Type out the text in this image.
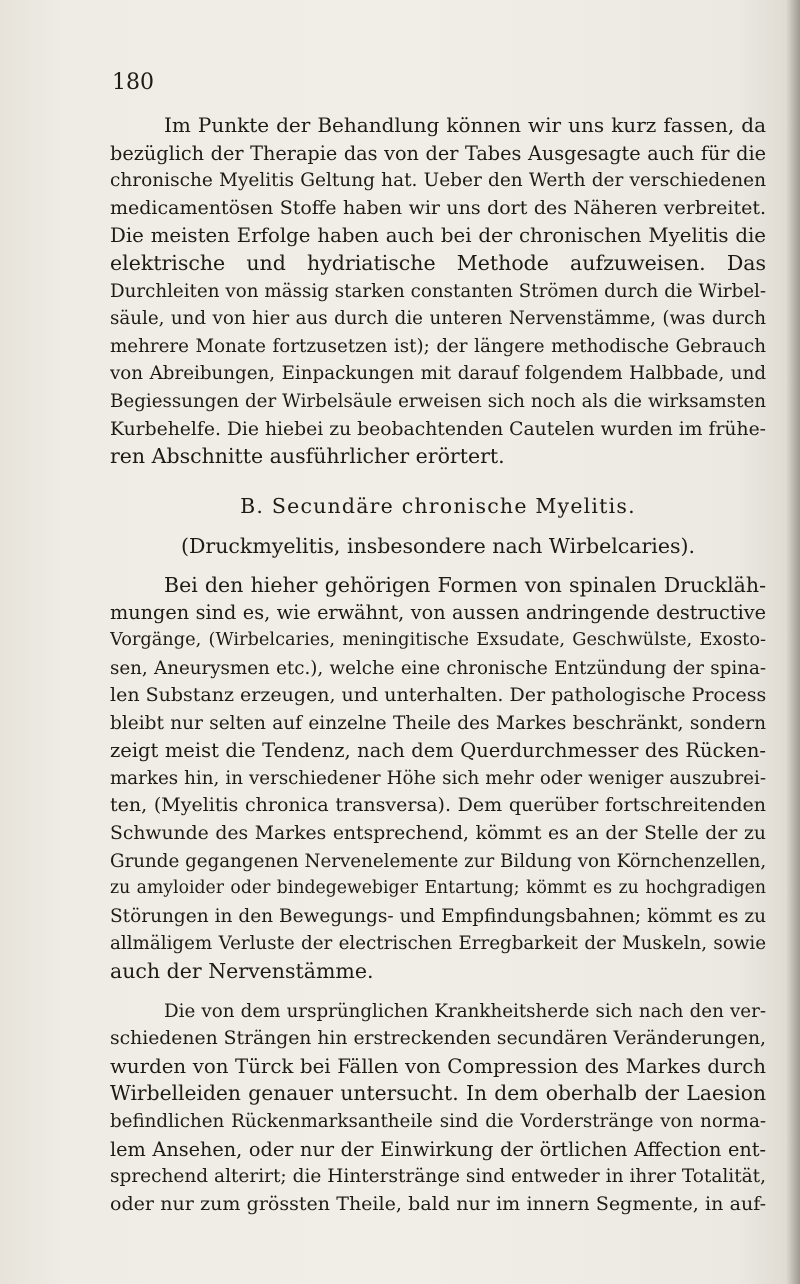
180
Im Punkte der Behandlung können wir uns kurz fassen, da
bezüglich der Therapie das von der Tabes Ausgesagte auch für die
chronische Myelitis Geltung hat. Ueber den Werth der verschiedenen
medicamentösen Stoffe haben wir uns dort des Näheren verbreitet.
Die meisten Erfolge haben auch bei der chronischen Myelitis die
elektrische und hydriatische Methode aufzuweisen. Das
Durchleiten von mässig starken constanten Strömen durch die Wirbel-
säule, und von hier aus durch die unteren Nervenstämme, (was durch
mehrere Monate fortzusetzen ist); der längere methodische Gebrauch
von Abreibungen, Einpackungen mit darauf folgendem Halbbade, und
Begiessungen der Wirbelsäule erweisen sich noch als die wirksamsten
Kurbehelfe. Die hiebei zu beobachtenden Cautelen wurden im frühe-
ren Abschnitte ausführlicher erörtert.
B. Secundäre chronische Myelitis.
(Druckmyelitis, insbesondere nach Wirbelcaries).
Bei den hieher gehörigen Formen von spinalen Druckläh-
mungen sind es, wie erwähnt, von aussen andringende destructive
Vorgänge, (Wirbelcaries, meningitische Exsudate, Geschwülste, Exosto-
sen, Aneurysmen etc.), welche eine chronische Entzündung der spina-
len Substanz erzeugen, und unterhalten. Der pathologische Process
bleibt nur selten auf einzelne Theile des Markes beschränkt, sondern
zeigt meist die Tendenz, nach dem Querdurchmesser des Rücken-
markes hin, in verschiedener Höhe sich mehr oder weniger auszubrei-
ten, (Myelitis chronica transversa). Dem querüber fortschreitenden
Schwunde des Markes entsprechend, kömmt es an der Stelle der zu
Grunde gegangenen Nervenelemente zur Bildung von Körnchenzellen,
zu amyloider oder bindegewebiger Entartung; kömmt es zu hochgradigen
Störungen in den Bewegungs- und Empfindungsbahnen; kömmt es zu
allmäligem Verluste der electrischen Erregbarkeit der Muskeln, sowie
auch der Nervenstämme.
Die von dem ursprünglichen Krankheitsherde sich nach den ver-
schiedenen Strängen hin erstreckenden secundären Veränderungen,
wurden von Türck bei Fällen von Compression des Markes durch
Wirbelleiden genauer untersucht. In dem oberhalb der Laesion
befindlichen Rückenmarksantheile sind die Vorderstränge von norma-
lem Ansehen, oder nur der Einwirkung der örtlichen Affection ent-
sprechend alterirt; die Hinterstränge sind entweder in ihrer Totalität,
oder nur zum grössten Theile, bald nur im innern Segmente, in auf-
